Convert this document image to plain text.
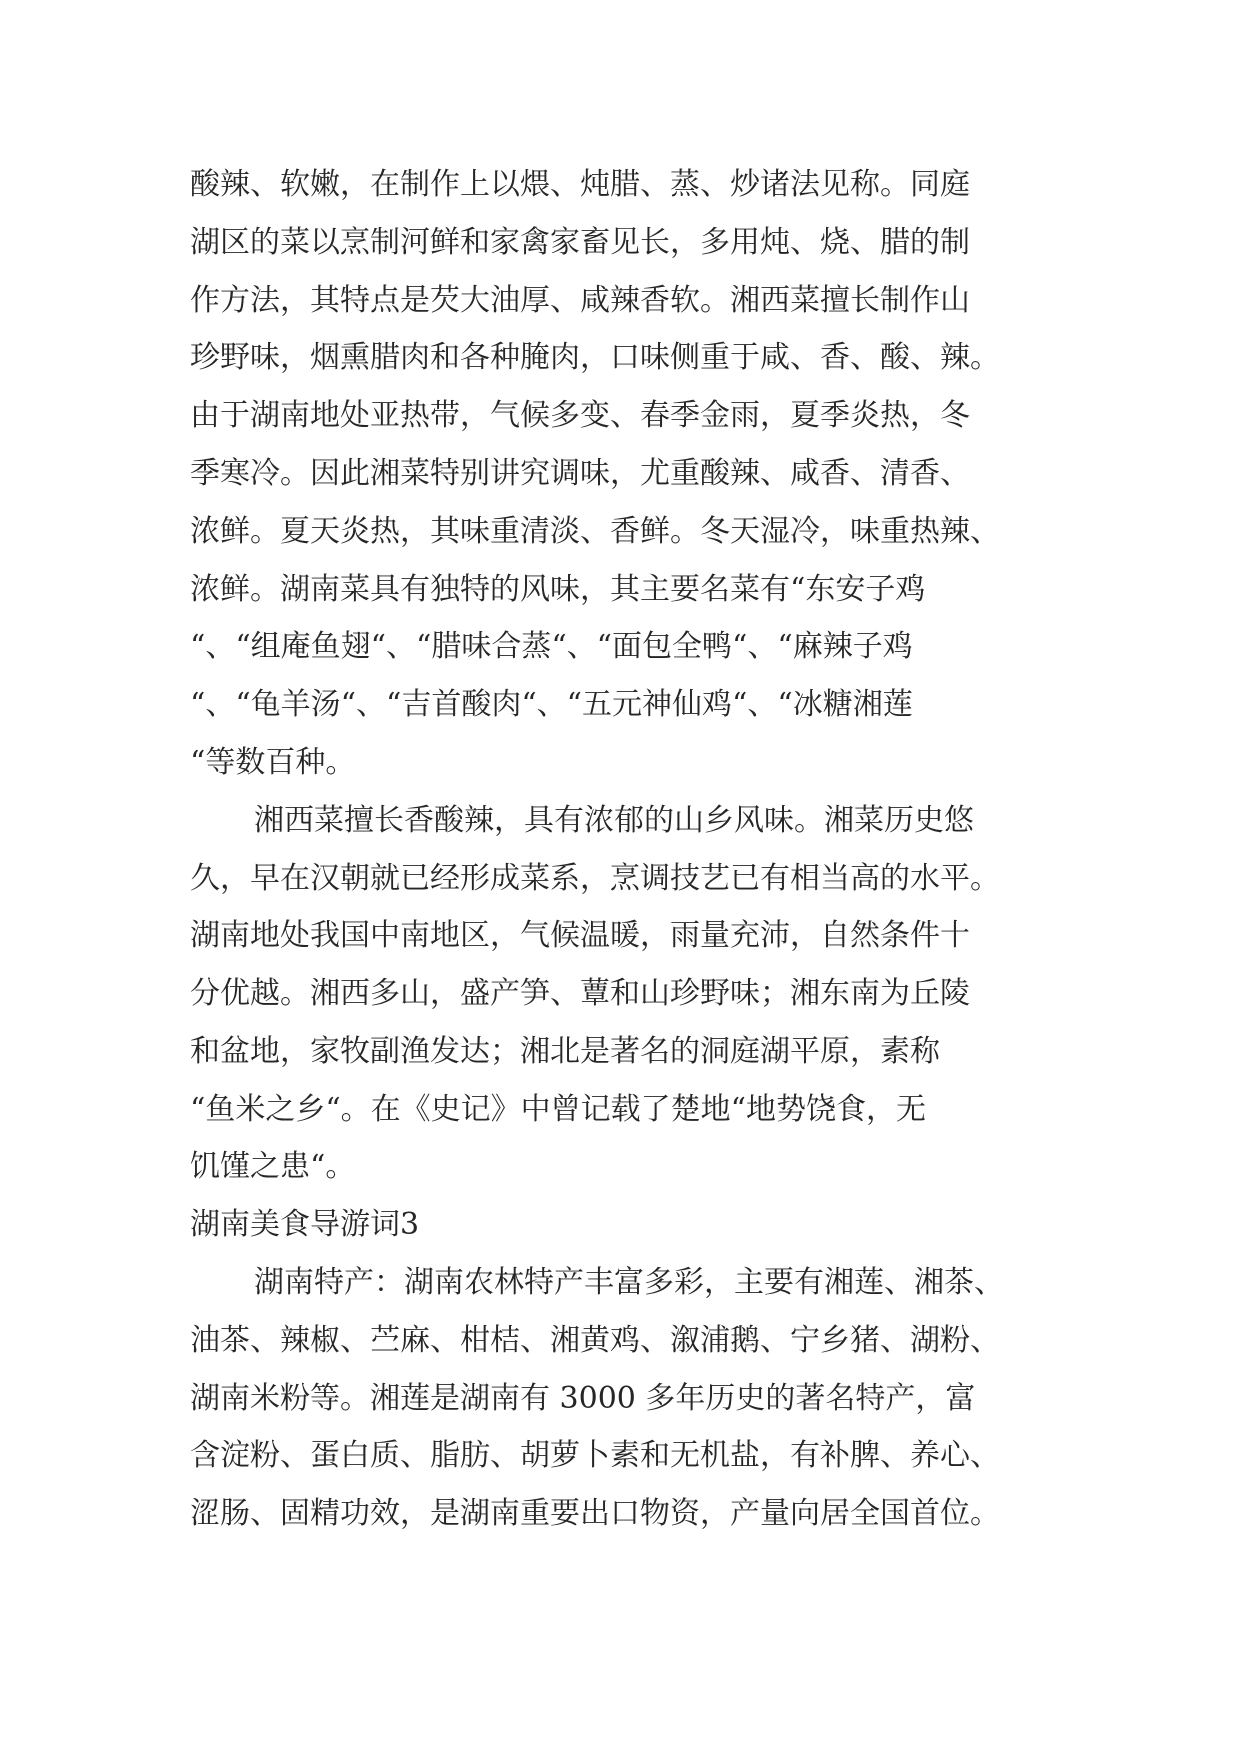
酸辣、软嫩，在制作上以煨、炖腊、蒸、炒诸法见称。同庭
湖区的菜以烹制河鲜和家禽家畜见长，多用炖、烧、腊的制
作方法，其特点是芡大油厚、咸辣香软。湘西菜擅长制作山
珍野味，烟熏腊肉和各种腌肉，口味侧重于咸、香、酸、辣。
由于湖南地处亚热带，气候多变、春季金雨，夏季炎热，冬
季寒冷。因此湘菜特别讲究调味，尤重酸辣、咸香、清香、
浓鲜。夏天炎热，其味重清淡、香鲜。冬天湿冷，味重热辣、
浓鲜。湖南菜具有独特的风味，其主要名菜有“东安子鸡
“、“组庵鱼翅“、“腊味合蒸“、“面包全鸭“、“麻辣子鸡
“、“龟羊汤“、“吉首酸肉“、“五元神仙鸡“、“冰糖湘莲
“等数百种。
湘西菜擅长香酸辣，具有浓郁的山乡风味。湘菜历史悠
久，早在汉朝就已经形成菜系，烹调技艺已有相当高的水平。
湖南地处我国中南地区，气候温暖，雨量充沛，自然条件十
分优越。湘西多山，盛产笋、蕈和山珍野味；湘东南为丘陵
和盆地，家牧副渔发达；湘北是著名的洞庭湖平原，素称
“鱼米之乡“。在《史记》中曾记载了楚地“地势饶食，无
饥馑之患“。
湖南美食导游词3
湖南特产：湖南农林特产丰富多彩，主要有湘莲、湘茶、
油茶、辣椒、苎麻、柑桔、湘黄鸡、溆浦鹅、宁乡猪、湖粉、
湖南米粉等。湘莲是湖南有 3000 多年历史的著名特产，富
含淀粉、蛋白质、脂肪、胡萝卜素和无机盐，有补脾、养心、
涩肠、固精功效，是湖南重要出口物资，产量向居全国首位。
